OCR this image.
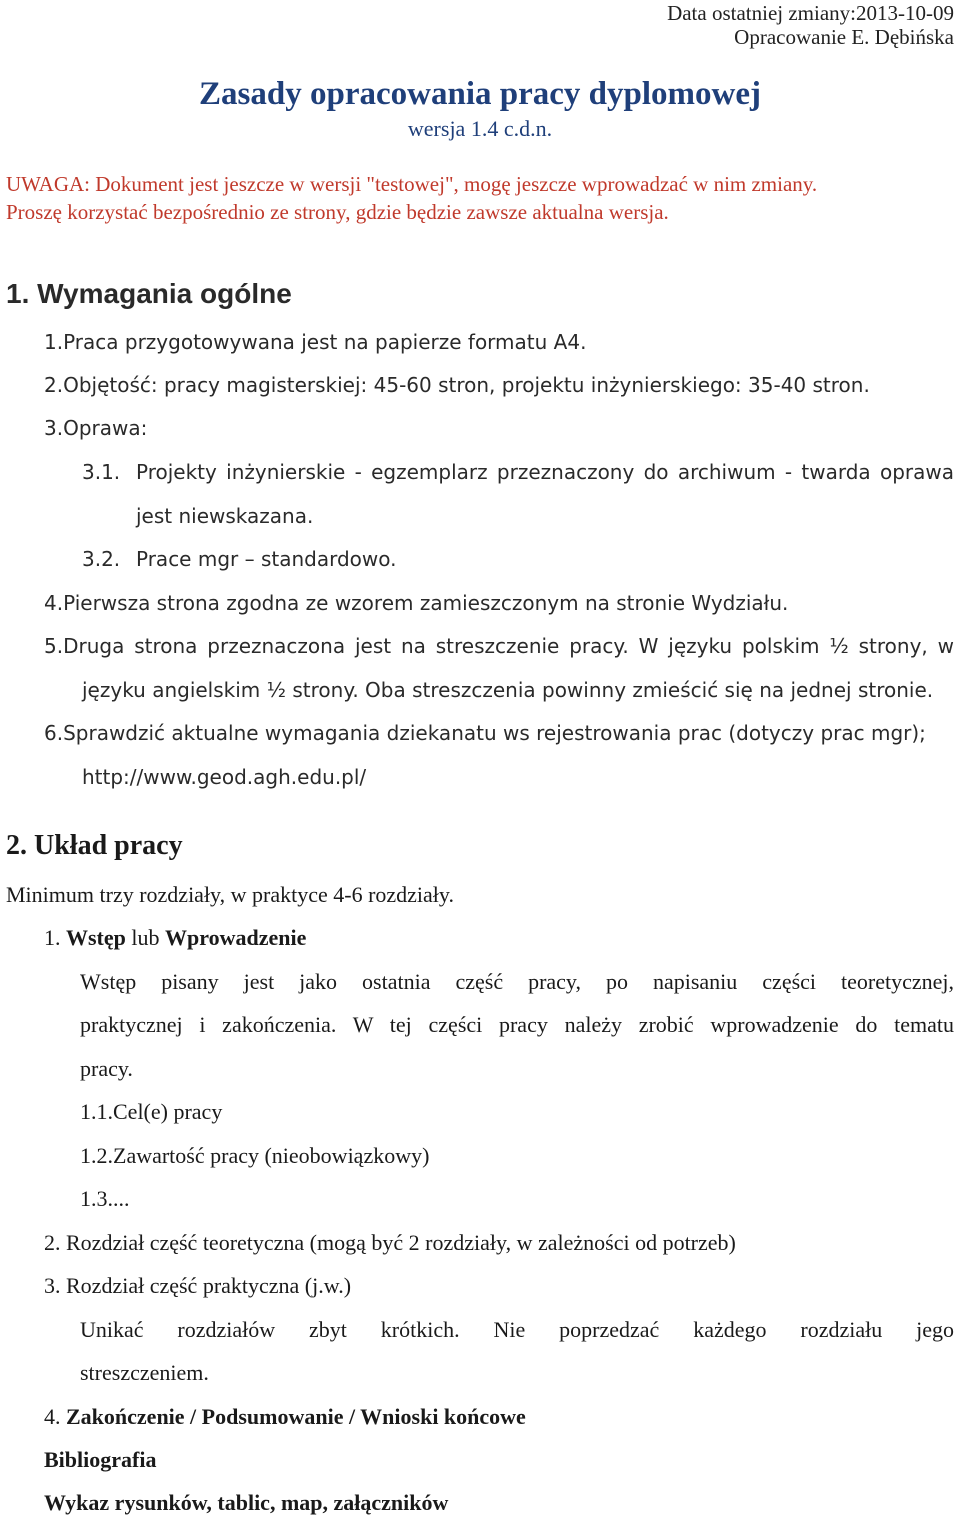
Data ostatniej zmiany:2013-10-09
Opracowanie E. Dębińska
Zasady opracowania pracy dyplomowej
wersja 1.4 c.d.n.
UWAGA: Dokument jest jeszcze w wersji "testowej", mogę jeszcze wprowadzać w nim zmiany.
Proszę korzystać bezpośrednio ze strony, gdzie będzie zawsze aktualna wersja.
1. Wymagania ogólne
1.Praca przygotowywana jest na papierze formatu A4.
2.Objętość: pracy magisterskiej: 45-60 stron, projektu inżynierskiego: 35-40 stron.
3.Oprawa:
3.1. Projekty inżynierskie - egzemplarz przeznaczony do archiwum - twarda oprawa
jest niewskazana.
3.2. Prace mgr – standardowo.
4.Pierwsza strona zgodna ze wzorem zamieszczonym na stronie Wydziału.
5.Druga strona przeznaczona jest na streszczenie pracy. W języku polskim ½ strony, w
języku angielskim ½ strony. Oba streszczenia powinny zmieścić się na jednej stronie.
6.Sprawdzić aktualne wymagania dziekanatu ws rejestrowania prac (dotyczy prac mgr);
http://www.geod.agh.edu.pl/
2. Układ pracy
Minimum trzy rozdziały, w praktyce 4-6 rozdziały.
1. Wstęp lub Wprowadzenie
Wstęp pisany jest jako ostatnia część pracy, po napisaniu części teoretycznej,
praktycznej i zakończenia. W tej części pracy należy zrobić wprowadzenie do tematu
pracy.
1.1.Cel(e) pracy
1.2.Zawartość pracy (nieobowiązkowy)
1.3....
2. Rozdział część teoretyczna (mogą być 2 rozdziały, w zależności od potrzeb)
3. Rozdział część praktyczna (j.w.)
Unikać rozdziałów zbyt krótkich. Nie poprzedzać każdego rozdziału jego
streszczeniem.
4. Zakończenie / Podsumowanie / Wnioski końcowe
Bibliografia
Wykaz rysunków, tablic, map, załączników
